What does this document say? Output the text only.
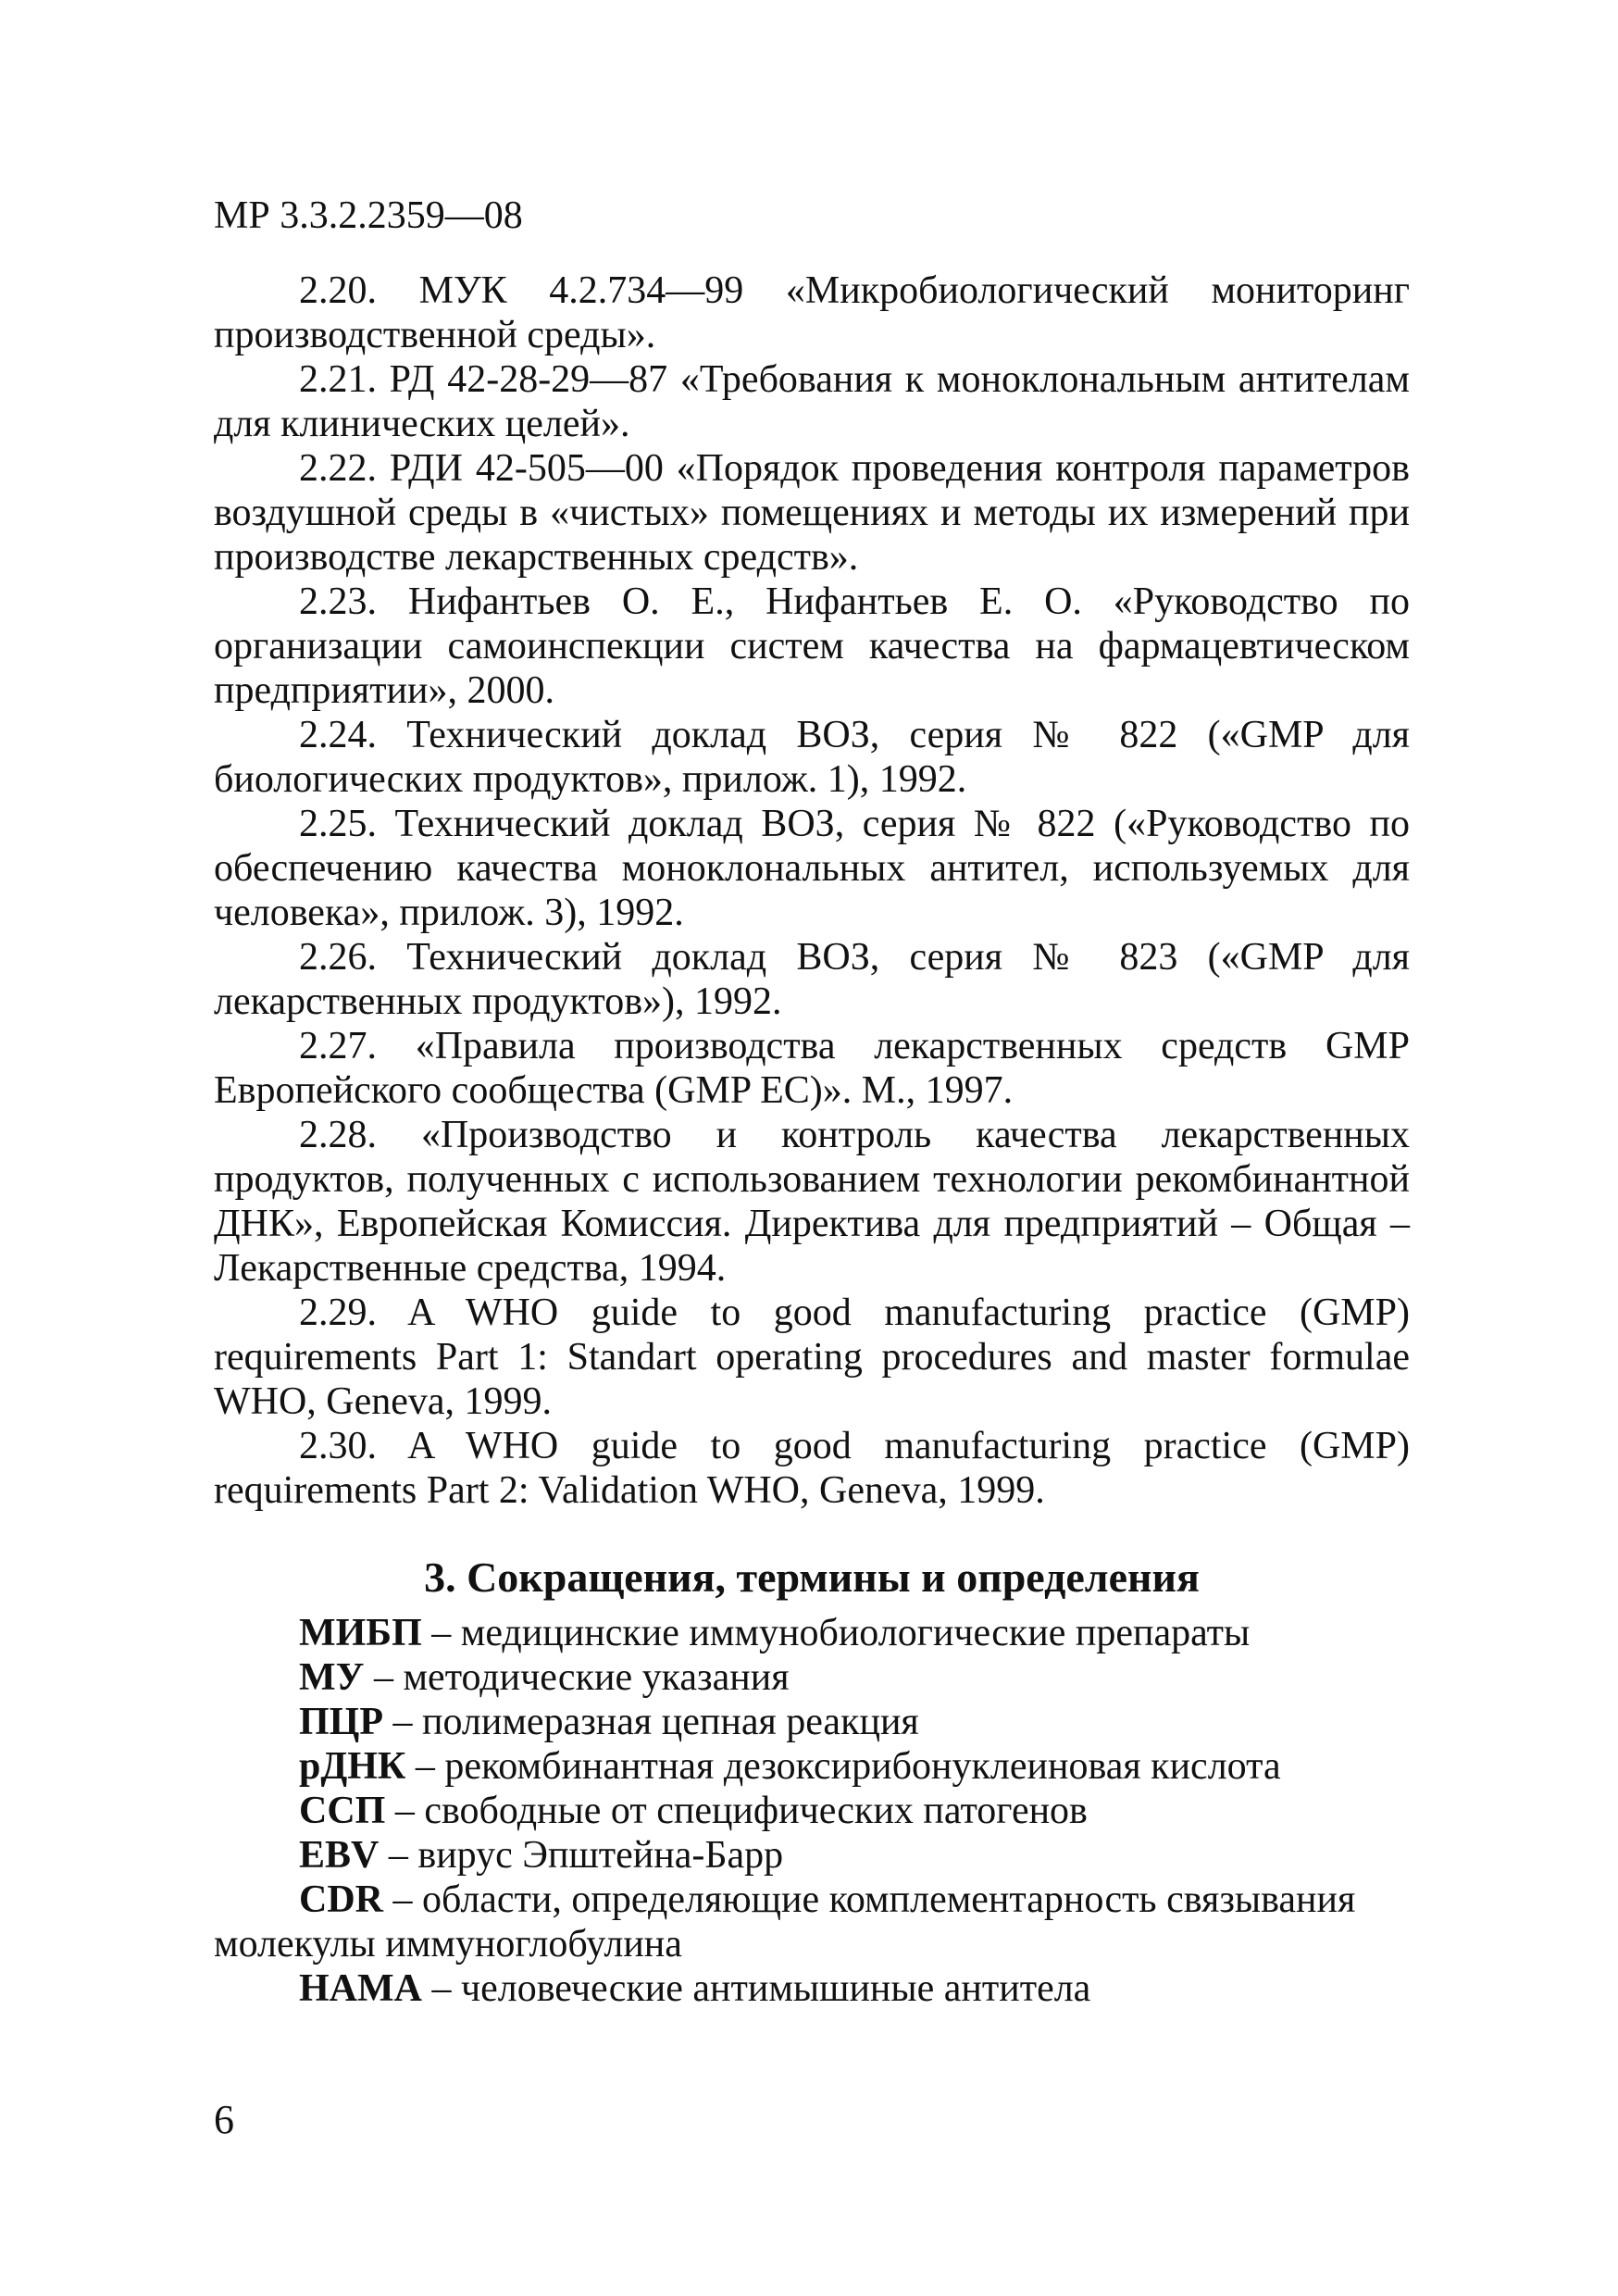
МР 3.3.2.2359—08

2.20. МУК 4.2.734—99 «Микробиологический мониторинг производственной среды».

2.21. РД 42-28-29—87 «Требования к моноклональным антителам для клинических целей».

2.22. РДИ 42-505—00 «Порядок проведения контроля параметров воздушной среды в «чистых» помещениях и методы их измерений при производстве лекарственных средств».

2.23. Нифантьев О. Е., Нифантьев Е. О. «Руководство по организации самоинспекции систем качества на фармацевтическом предприятии», 2000.

2.24. Технический доклад ВОЗ, серия № 822 («GMP для биологических продуктов», прилож. 1), 1992.

2.25. Технический доклад ВОЗ, серия № 822 («Руководство по обеспечению качества моноклональных антител, используемых для человека», прилож. 3), 1992.

2.26. Технический доклад ВОЗ, серия № 823 («GMP для лекарственных продуктов»), 1992.

2.27. «Правила производства лекарственных средств GMP Европейского сообщества (GMP EC)». М., 1997.

2.28. «Производство и контроль качества лекарственных продуктов, полученных с использованием технологии рекомбинантной ДНК», Европейская Комиссия. Директива для предприятий – Общая – Лекарственные средства, 1994.

2.29. A WHO guide to good manufacturing practice (GMP) requirements Part 1: Standart operating procedures and master formulae WHO, Geneva, 1999.

2.30. A WHO guide to good manufacturing practice (GMP) requirements Part 2: Validation WHO, Geneva, 1999.

3. Сокращения, термины и определения

МИБП – медицинские иммунобиологические препараты

МУ – методические указания

ПЦР – полимеразная цепная реакция

рДНК – рекомбинантная дезоксирибонуклеиновая кислота

ССП – свободные от специфических патогенов

EBV – вирус Эпштейна-Барр

CDR – области, определяющие комплементарность связывания молекулы иммуноглобулина

HAMA – человеческие антимышиные антитела

6
